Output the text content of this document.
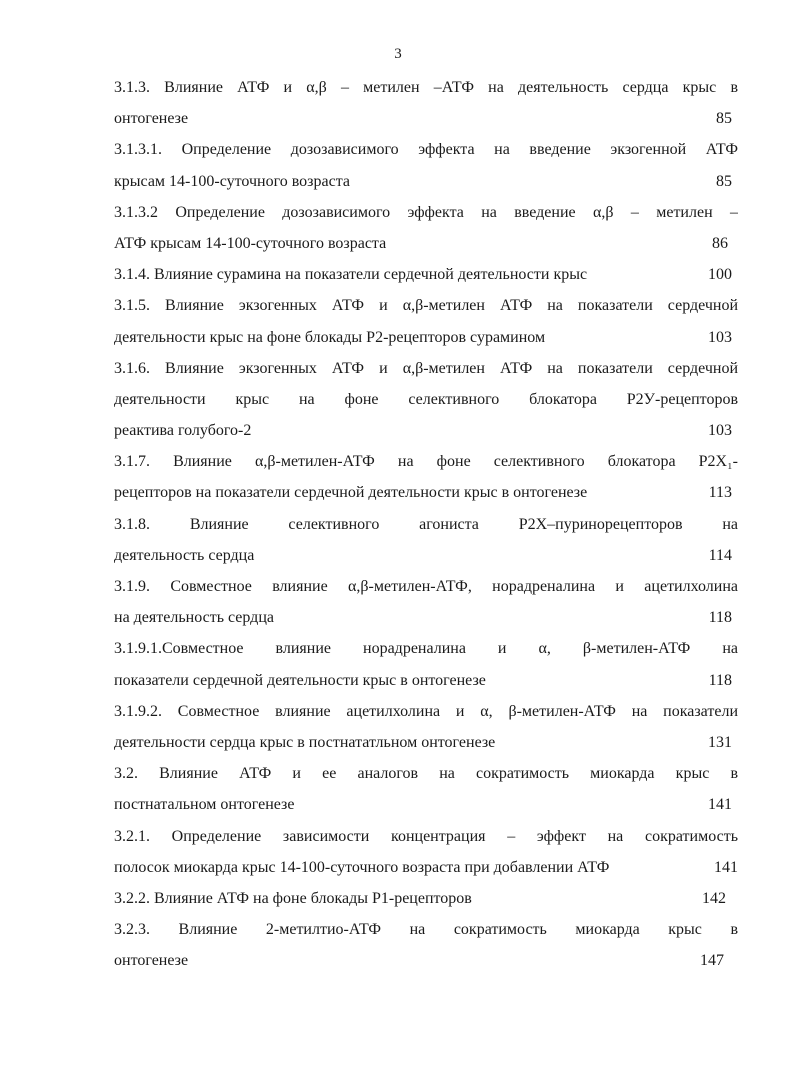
3
3.1.3. Влияние АТФ и α,β – метилен –АТФ на деятельность сердца крыс в
онтогенезе	85
3.1.3.1. Определение дозозависимого эффекта на введение экзогенной АТФ
крысам 14-100-суточного возраста	85
3.1.3.2 Определение дозозависимого эффекта на введение α,β – метилен –
АТФ крысам 14-100-суточного возраста	86
3.1.4. Влияние сурамина на показатели сердечной деятельности крыс	100
3.1.5. Влияние экзогенных АТФ и α,β-метилен АТФ на показатели сердечной
деятельности крыс на фоне блокады Р2-рецепторов сурамином	103
3.1.6. Влияние экзогенных АТФ и α,β-метилен АТФ на показатели сердечной
деятельности крыс на фоне селективного блокатора Р2У-рецепторов
реактива голубого-2	103
3.1.7. Влияние α,β-метилен-АТФ на фоне селективного блокатора Р2Х₁-
рецепторов на показатели сердечной деятельности крыс в онтогенезе	113
3.1.8. Влияние селективного агониста Р2Х–пуринорецепторов на
деятельность сердца	114
3.1.9. Совместное влияние α,β-метилен-АТФ, норадреналина и ацетилхолина
на деятельность сердца	118
3.1.9.1.Совместное влияние норадреналина и α, β-метилен-АТФ на
показатели сердечной деятельности крыс в онтогенезе	118
3.1.9.2. Совместное влияние ацетилхолина и α, β-метилен-АТФ на показатели
деятельности сердца крыс в постнататльном онтогенезе	131
3.2. Влияние АТФ и ее аналогов на сократимость миокарда крыс в
постнатальном онтогенезе	141
3.2.1. Определение зависимости концентрация – эффект на сократимость
полосок миокарда крыс 14-100-суточного возраста при добавлении АТФ	141
3.2.2. Влияние АТФ на фоне блокады Р1-рецепторов	142
3.2.3. Влияние 2-метилтио-АТФ на сократимость миокарда крыс в
онтогенезе	147
